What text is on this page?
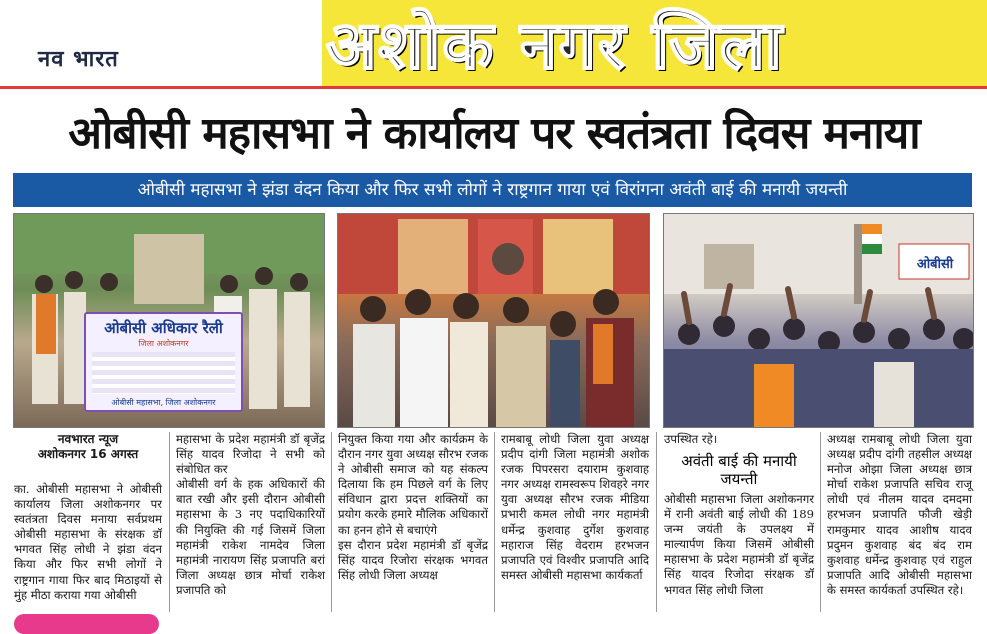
नव भारत	अशोक नगर जिला
ओबीसी महासभा ने कार्यालय पर स्वतंत्रता दिवस मनाया
ओबीसी महासभा ने झंडा वंदन किया और फिर सभी लोगों ने राष्ट्रगान गाया एवं विरांगना अवंती बाई की मनायी जयन्ती
ओबीसी अधिकार रैली
जिला अशोकनगर
ओबीसी महासभा, जिला अशोकनगर
ओबीसी
नवभारत न्यूज
अशोकनगर 16 अगस्त
का. ओबीसी महासभा ने ओबीसी कार्यालय जिला अशोकनगर पर स्वतंत्रता दिवस मनाया सर्वप्रथम ओबीसी महासभा के संरक्षक डॉ भगवत सिंह लोधी ने झंडा वंदन किया और फिर सभी लोगों ने राष्ट्रगान गाया फिर बाद मिठाइयों से मुंह मीठा कराया गया ओबीसी
महासभा के प्रदेश महामंत्री डॉ बृजेंद्र सिंह यादव रिजोदा ने सभी को संबोधित कर
ओबीसी वर्ग के हक अधिकारों की बात रखी और इसी दौरान ओबीसी महासभा के 3 नए पदाधिकारियों की नियुक्ति की गई जिसमें जिला महामंत्री राकेश नामदेव जिला महामंत्री नारायण सिंह प्रजापति बरां जिला अध्यक्ष छात्र मोर्चा राकेश प्रजापति को
नियुक्त किया गया और कार्यक्रम के दौरान नगर युवा अध्यक्ष सौरभ रजक ने ओबीसी समाज को यह संकल्प दिलाया कि हम पिछले वर्ग के लिए संविधान द्वारा प्रदत्त शक्तियों का प्रयोग करके हमारे मौलिक अधिकारों का हनन होने से बचाएंगे
इस दौरान प्रदेश महामंत्री डॉ बृजेंद्र सिंह यादव रिजोरा संरक्षक भगवत सिंह लोधी जिला अध्यक्ष
रामबाबू लोधी जिला युवा अध्यक्ष प्रदीप दांगी जिला महामंत्री अशोक रजक पिपरसरा दयाराम कुशवाह नगर अध्यक्ष रामस्वरूप शिवहरे नगर युवा अध्यक्ष सौरभ रजक मीडिया प्रभारी कमल लोधी नगर महामंत्री धर्मेन्द्र कुशवाह दुर्गेश कुशवाह महाराज सिंह वेदराम हरभजन प्रजापति एवं विश्वीर प्रजापति आदि समस्त ओबीसी महासभा कार्यकर्ता
उपस्थित रहे।
अवंती बाई की मनायी जयन्ती
ओबीसी महासभा जिला अशोकनगर में रानी अवंती बाई लोधी की 189 जन्म जयंती के उपलक्ष्य में माल्यार्पण किया जिसमें ओबीसी महासभा के प्रदेश महामंत्री डॉ बृजेंद्र सिंह यादव रिजोदा संरक्षक डॉ भगवत सिंह लोधी जिला
अध्यक्ष रामबाबू लोधी जिला युवा अध्यक्ष प्रदीप दांगी तहसील अध्यक्ष मनोज ओझा जिला अध्यक्ष छात्र मोर्चा राकेश प्रजापति सचिव राजू लोधी एवं नीलम यादव दमदमा हरभजन प्रजापति फौजी खेड़ी रामकुमार यादव आशीष यादव प्रदुमन कुशवाह बंद बंद राम कुशवाह धर्मेन्द्र कुशवाह एवं राहुल प्रजापति आदि ओबीसी महासभा के समस्त कार्यकर्ता उपस्थित रहे।
